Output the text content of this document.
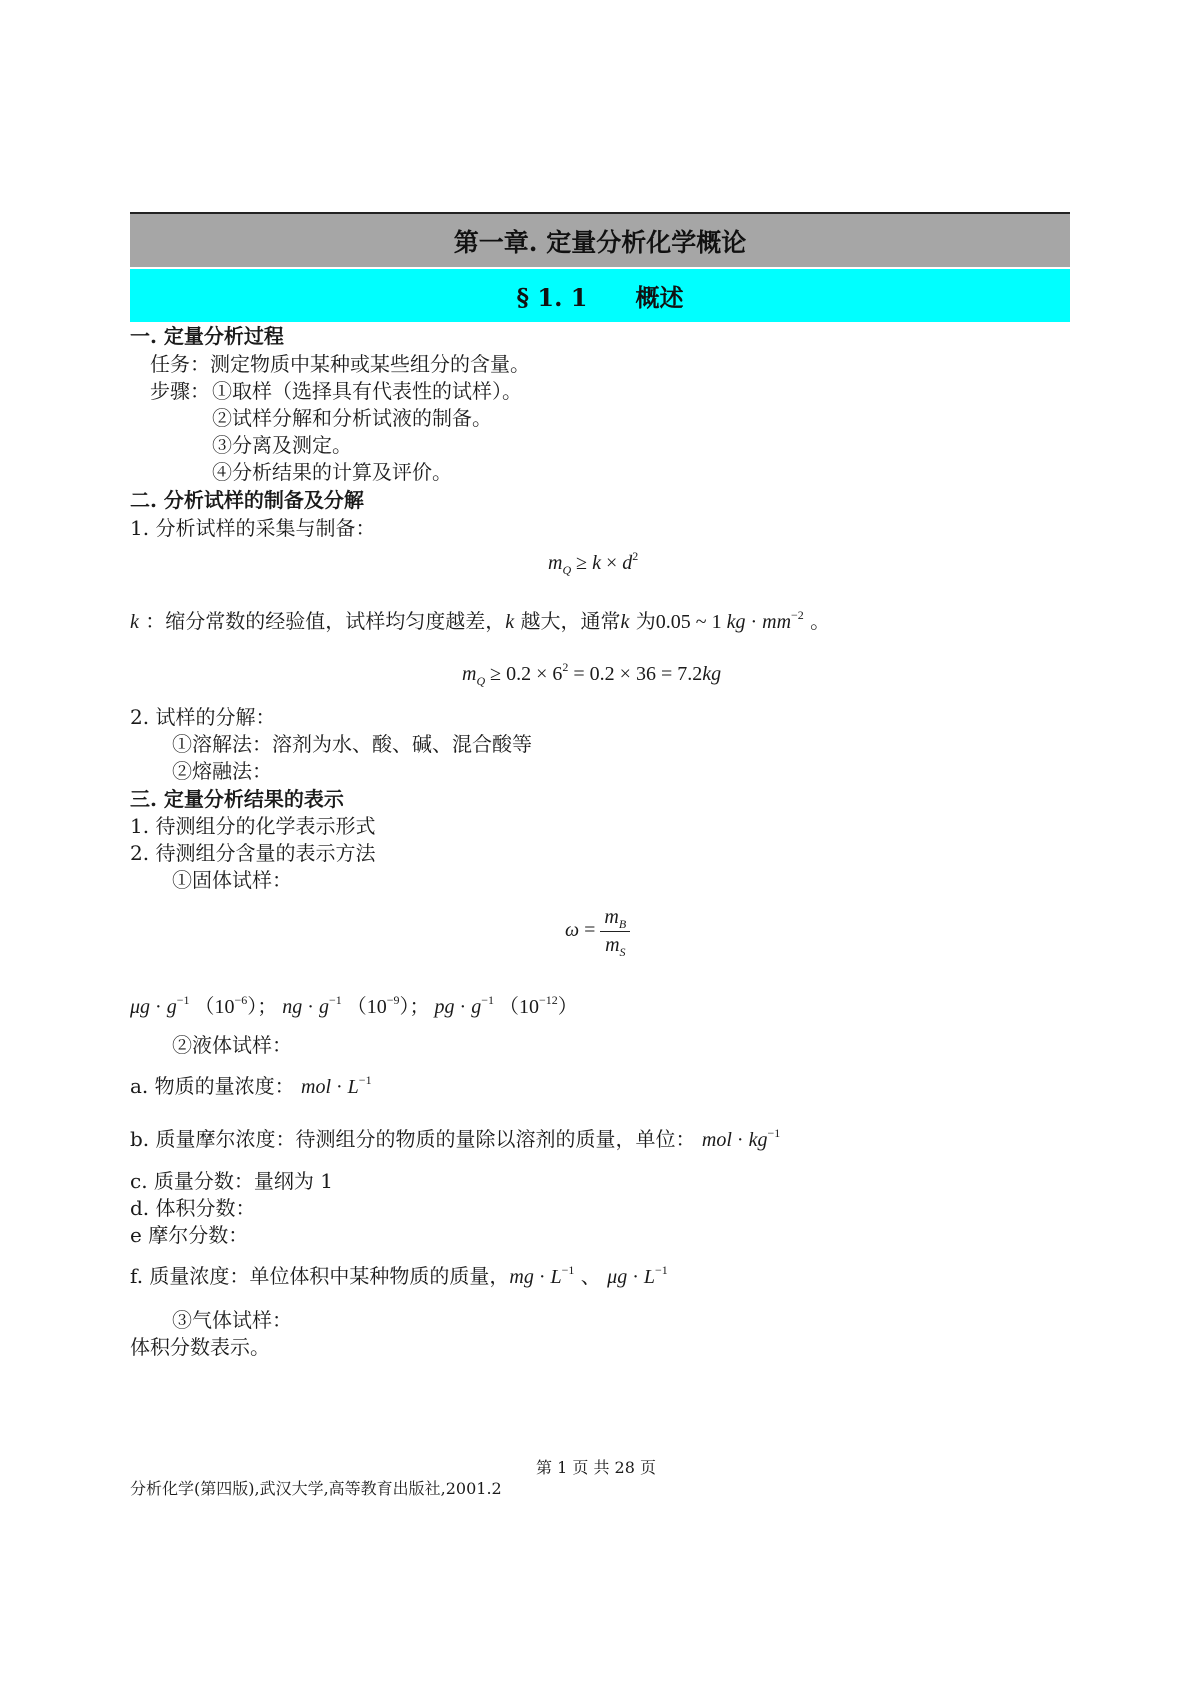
第一章. 定量分析化学概论
§ 1. 1 概述
一. 定量分析过程
任务：测定物质中某种或某些组分的含量。
步骤： ①取样（选择具有代表性的试样）。
②试样分解和分析试液的制备。
③分离及测定。
④分析结果的计算及评价。
二. 分析试样的制备及分解
1. 分析试样的采集与制备：
$m_Q \ge k \times d^2$
k ：缩分常数的经验值，试样均匀度越差，k 越大，通常k 为0.05 ~ 1 kg · $mm^{-2}$ 。
$m_Q \ge 0.2 \times 6^2 = 0.2 \times 36 = 7.2kg$
2. 试样的分解：
①溶解法：溶剂为水、酸、碱、混合酸等
②熔融法：
三. 定量分析结果的表示
1. 待测组分的化学表示形式
2. 待测组分含量的表示方法
①固体试样：
$\omega = \frac{m_B}{m_S}$
$\mu g \cdot g^{-1}$ $(10^{-6})$； ng · $g^{-1}$ $(10^{-9})$； pg · $g^{-1}$ $(10^{-12})$
②液体试样：
a. 物质的量浓度： mol · $L^{-1}$
b. 质量摩尔浓度：待测组分的物质的量除以溶剂的质量，单位： mol · $kg^{-1}$
c. 质量分数：量纲为 1
d. 体积分数：
e 摩尔分数：
f. 质量浓度：单位体积中某种物质的质量，mg · $L^{-1}$ 、 $\mu g \cdot L^{-1}$
③气体试样：
体积分数表示。
第 1 页 共 28 页
分析化学(第四版),武汉大学,高等教育出版社,2001.2
